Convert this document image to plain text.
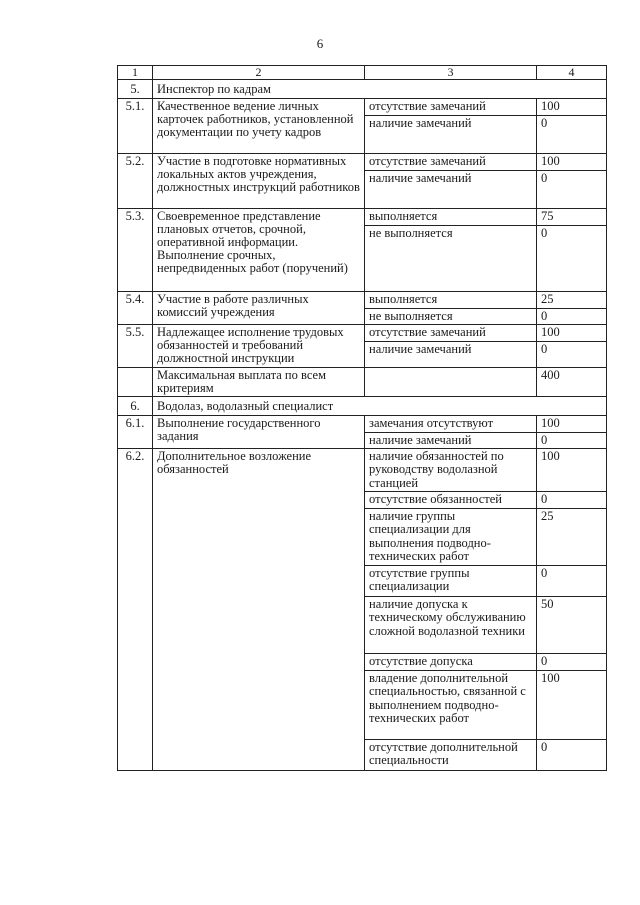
6
1	2	3	4
5.	Инспектор по кадрам		
5.1.	Качественное ведение личных карточек работников, установленной документации по учету кадров	отсутствие замечаний	100
		наличие замечаний	0
5.2.	Участие в подготовке нормативных локальных актов учреждения, должностных инструкций работников	отсутствие замечаний	100
		наличие замечаний	0
5.3.	Своевременное представление плановых отчетов, срочной, оперативной информации. Выполнение срочных, непредвиденных работ (поручений)	выполняется	75
		не выполняется	0
5.4.	Участие в работе различных комиссий учреждения	выполняется	25
		не выполняется	0
5.5.	Надлежащее исполнение трудовых обязанностей и требований должностной инструкции	отсутствие замечаний	100
		наличие замечаний	0
	Максимальная выплата по всем критериям		400
6.	Водолаз, водолазный специалист		
6.1.	Выполнение государственного задания	замечания отсутствуют	100
		наличие замечаний	0
6.2.	Дополнительное возложение обязанностей	наличие обязанностей по руководству водолазной станцией	100
		отсутствие обязанностей	0
		наличие группы специализации для выполнения подводно-технических работ	25
		отсутствие группы специализации	0
		наличие допуска к техническому обслуживанию сложной водолазной техники	50
		отсутствие допуска	0
		владение дополнительной специальностью, связанной с выполнением подводно-технических работ	100
		отсутствие дополнительной специальности	0
